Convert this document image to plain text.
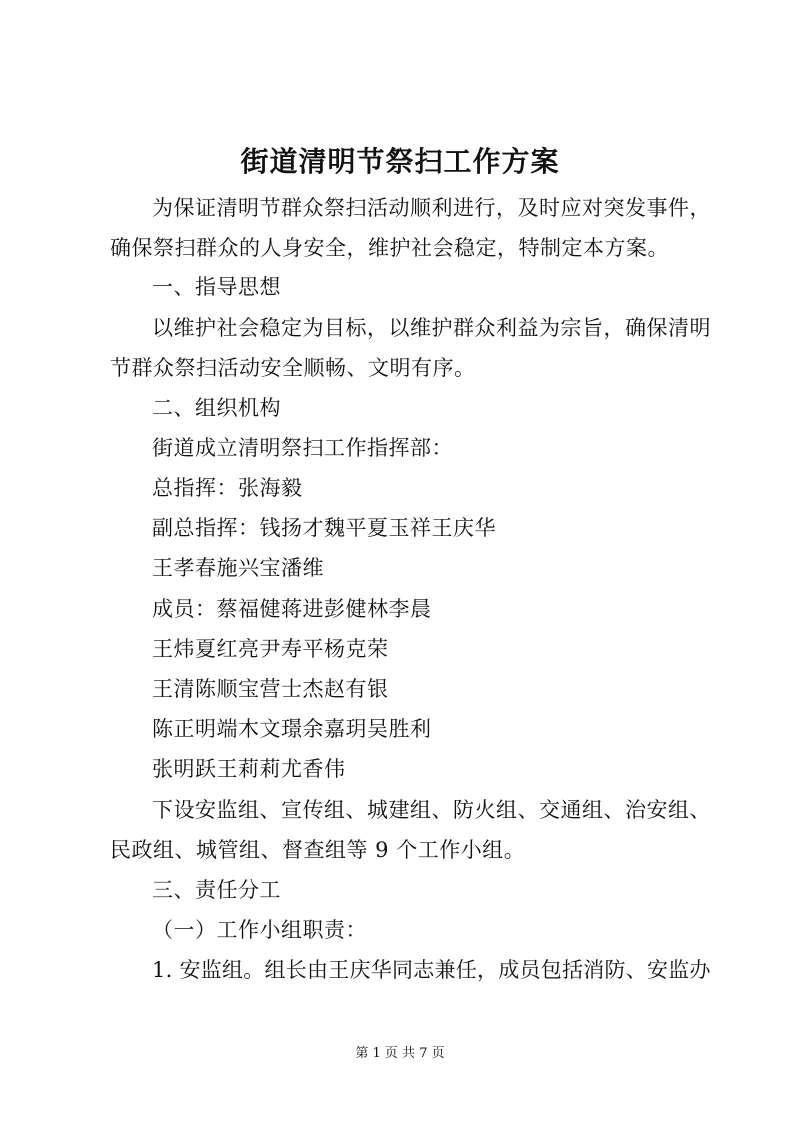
街道清明节祭扫工作方案
为保证清明节群众祭扫活动顺利进行，及时应对突发事件，
确保祭扫群众的人身安全，维护社会稳定，特制定本方案。
一、指导思想
以维护社会稳定为目标，以维护群众利益为宗旨，确保清明
节群众祭扫活动安全顺畅、文明有序。
二、组织机构
街道成立清明祭扫工作指挥部：
总指挥：张海毅
副总指挥：钱扬才魏平夏玉祥王庆华
王孝春施兴宝潘维
成员：蔡福健蒋进彭健林李晨
王炜夏红亮尹寿平杨克荣
王清陈顺宝营士杰赵有银
陈正明端木文璟余嘉玥吴胜利
张明跃王莉莉尤香伟
下设安监组、宣传组、城建组、防火组、交通组、治安组、
民政组、城管组、督查组等 9 个工作小组。
三、责任分工
（一）工作小组职责：
1. 安监组。组长由王庆华同志兼任，成员包括消防、安监办
第 1 页 共 7 页
